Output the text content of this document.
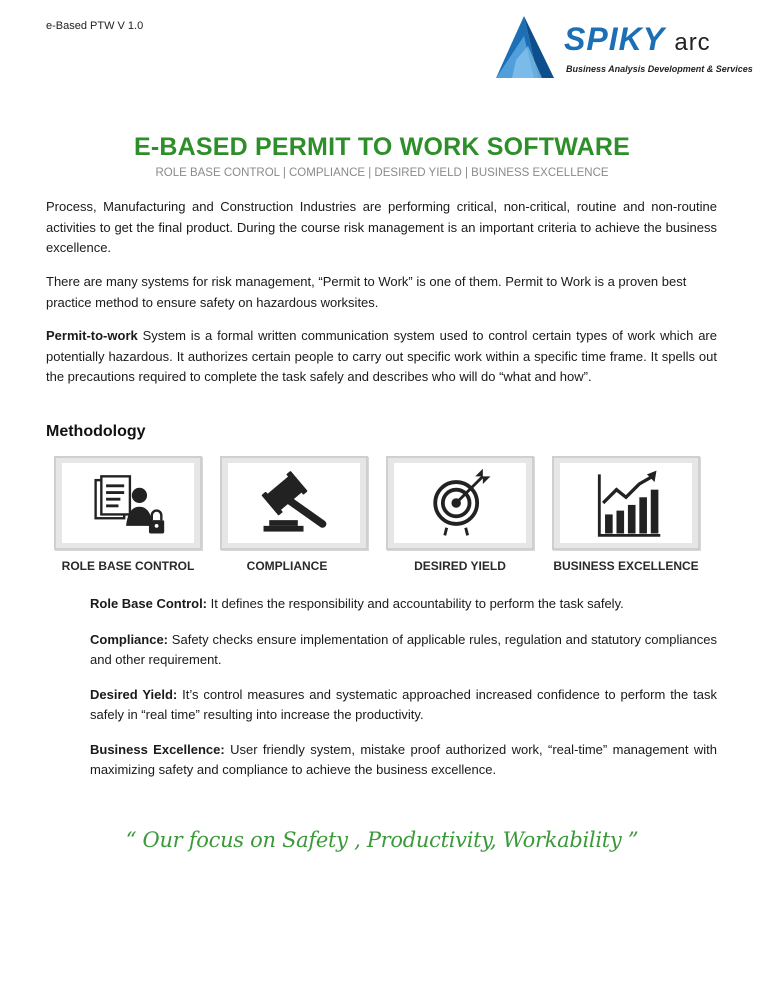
e-Based PTW V 1.0	SPIKY arc
Business Analysis Development & Services
E-BASED PERMIT TO WORK SOFTWARE
ROLE BASE CONTROL | COMPLIANCE | DESIRED YIELD | BUSINESS EXCELLENCE
Process, Manufacturing and Construction Industries are performing critical, non-critical, routine and non-routine activities to get the final product. During the course risk management is an important criteria to achieve the business excellence.
There are many systems for risk management, “Permit to Work” is one of them. Permit to Work is a proven best practice method to ensure safety on hazardous worksites.
Permit-to-work System is a formal written communication system used to control certain types of work which are potentially hazardous. It authorizes certain people to carry out specific work within a specific time frame. It spells out the precautions required to complete the task safely and describes who will do “what and how”.
Methodology
ROLE BASE CONTROL	COMPLIANCE	DESIRED YIELD	BUSINESS EXCELLENCE
Role Base Control: It defines the responsibility and accountability to perform the task safely.
Compliance: Safety checks ensure implementation of applicable rules, regulation and statutory compliances and other requirement.
Desired Yield: It’s control measures and systematic approached increased confidence to perform the task safely in “real time” resulting into increase the productivity.
Business Excellence: User friendly system, mistake proof authorized work, “real-time” management with maximizing safety and compliance to achieve the business excellence.
“ Our focus on Safety , Productivity, Workability ”
